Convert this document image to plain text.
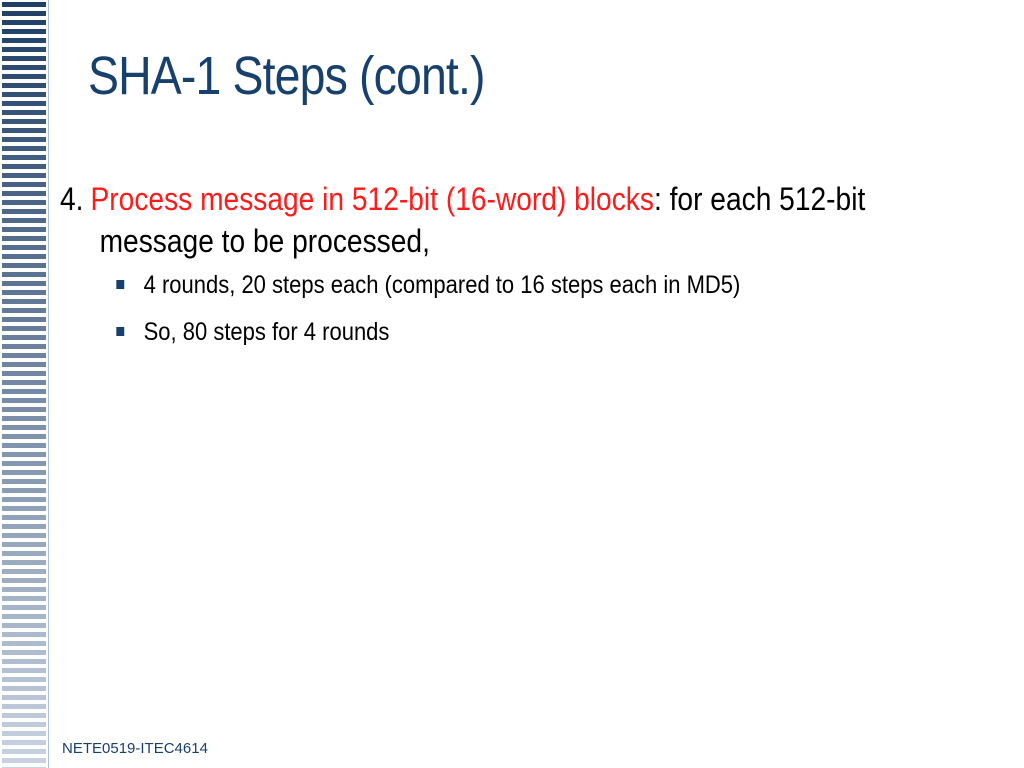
SHA-1 Steps (cont.)
4. Process message in 512-bit (16-word) blocks: for each 512-bit message to be processed,
4 rounds, 20 steps each (compared to 16 steps each in MD5)
So, 80 steps for 4 rounds
NETE0519-ITEC4614
